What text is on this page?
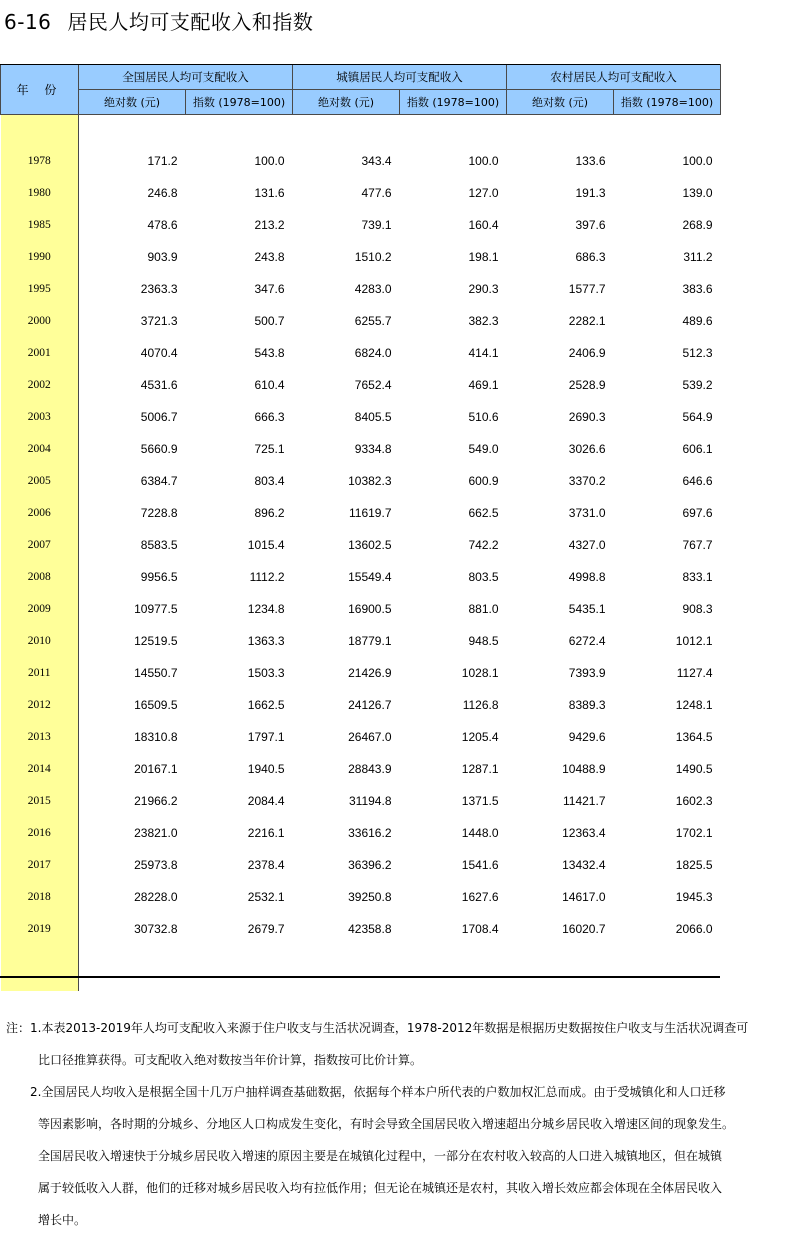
6-16 居民人均可支配收入和指数
年 份	全国居民人均可支配收入		城镇居民人均可支配收入		农村居民人均可支配收入	
	绝对数 (元)	指数 (1978=100)	绝对数 (元)	指数 (1978=100)	绝对数 (元)	指数 (1978=100)

1978	171.2	100.0	343.4	100.0	133.6	100.0
1980	246.8	131.6	477.6	127.0	191.3	139.0
1985	478.6	213.2	739.1	160.4	397.6	268.9
1990	903.9	243.8	1510.2	198.1	686.3	311.2
1995	2363.3	347.6	4283.0	290.3	1577.7	383.6
2000	3721.3	500.7	6255.7	382.3	2282.1	489.6
2001	4070.4	543.8	6824.0	414.1	2406.9	512.3
2002	4531.6	610.4	7652.4	469.1	2528.9	539.2
2003	5006.7	666.3	8405.5	510.6	2690.3	564.9
2004	5660.9	725.1	9334.8	549.0	3026.6	606.1
2005	6384.7	803.4	10382.3	600.9	3370.2	646.6
2006	7228.8	896.2	11619.7	662.5	3731.0	697.6
2007	8583.5	1015.4	13602.5	742.2	4327.0	767.7
2008	9956.5	1112.2	15549.4	803.5	4998.8	833.1
2009	10977.5	1234.8	16900.5	881.0	5435.1	908.3
2010	12519.5	1363.3	18779.1	948.5	6272.4	1012.1
2011	14550.7	1503.3	21426.9	1028.1	7393.9	1127.4
2012	16509.5	1662.5	24126.7	1126.8	8389.3	1248.1
2013	18310.8	1797.1	26467.0	1205.4	9429.6	1364.5
2014	20167.1	1940.5	28843.9	1287.1	10488.9	1490.5
2015	21966.2	2084.4	31194.8	1371.5	11421.7	1602.3
2016	23821.0	2216.1	33616.2	1448.0	12363.4	1702.1
2017	25973.8	2378.4	36396.2	1541.6	13432.4	1825.5
2018	28228.0	2532.1	39250.8	1627.6	14617.0	1945.3
2019	30732.8	2679.7	42358.8	1708.4	16020.7	2066.0

注：1.本表2013-2019年人均可支配收入来源于住户收支与生活状况调查，1978-2012年数据是根据历史数据按住户收支与生活状况调查可
比口径推算获得。可支配收入绝对数按当年价计算，指数按可比价计算。
2.全国居民人均收入是根据全国十几万户抽样调查基础数据，依据每个样本户所代表的户数加权汇总而成。由于受城镇化和人口迁移
等因素影响，各时期的分城乡、分地区人口构成发生变化，有时会导致全国居民收入增速超出分城乡居民收入增速区间的现象发生。
全国居民收入增速快于分城乡居民收入增速的原因主要是在城镇化过程中，一部分在农村收入较高的人口进入城镇地区，但在城镇
属于较低收入人群，他们的迁移对城乡居民收入均有拉低作用；但无论在城镇还是农村，其收入增长效应都会体现在全体居民收入
增长中。
